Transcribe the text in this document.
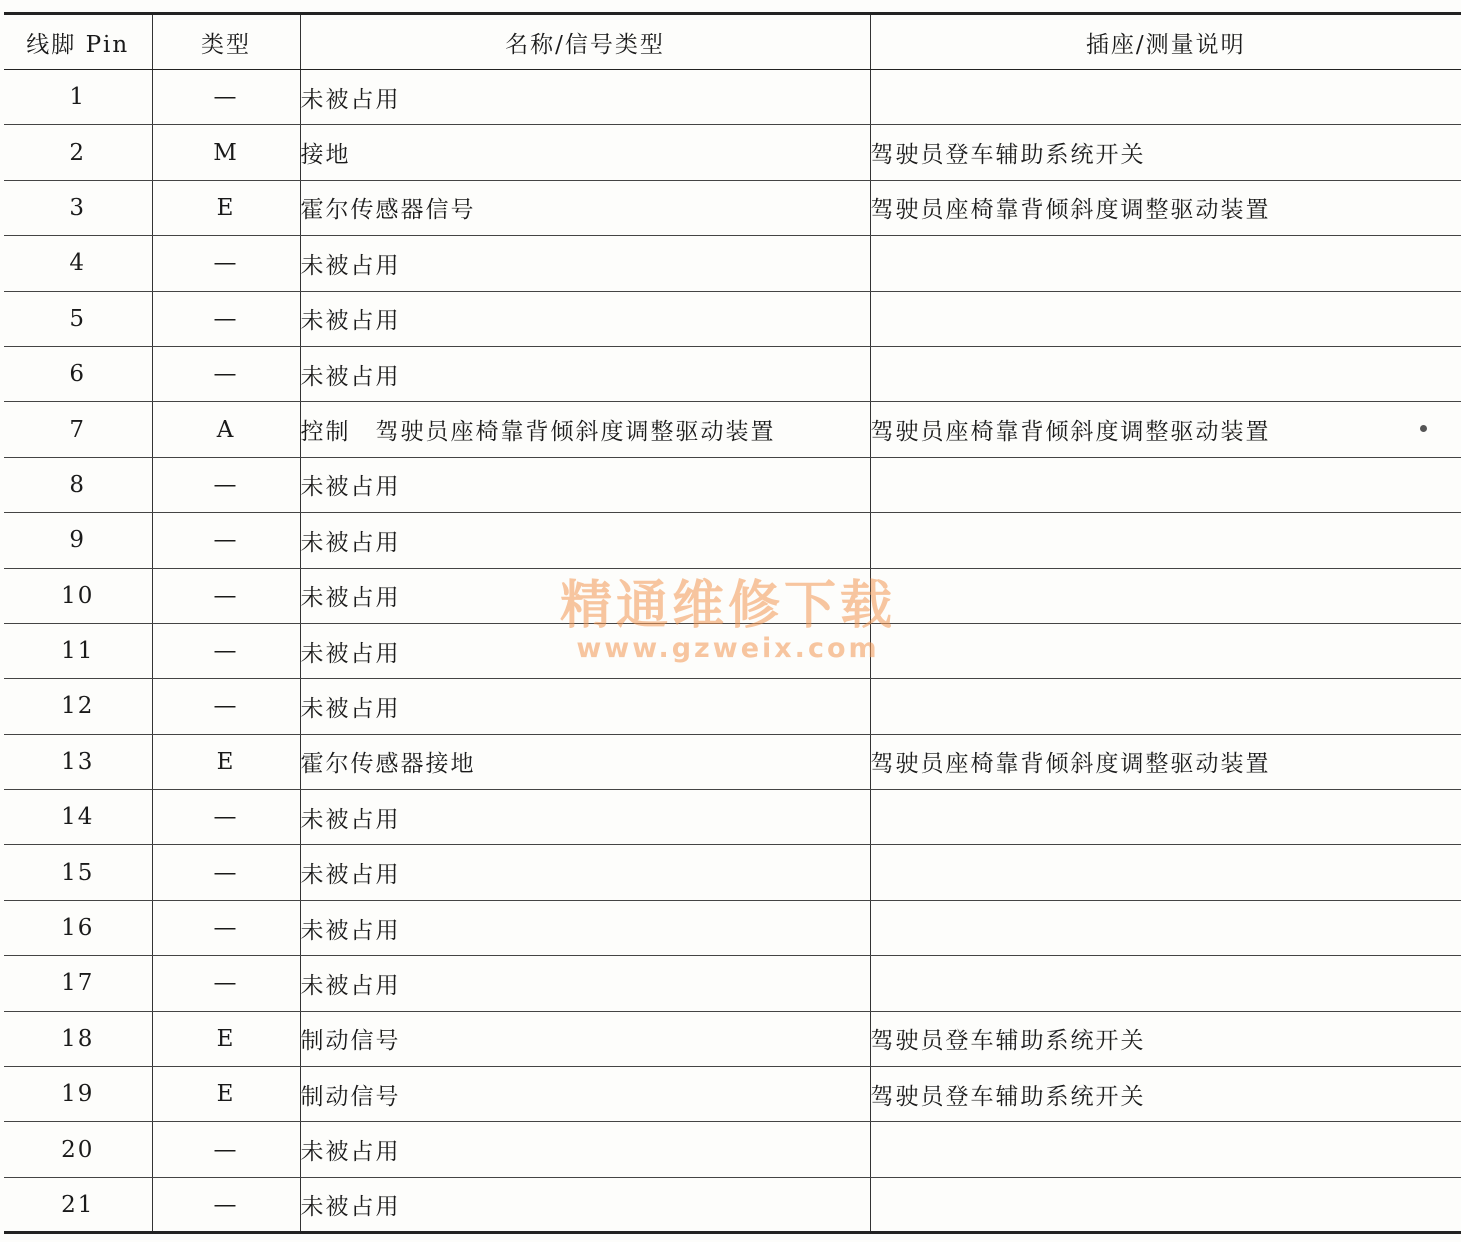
线脚 Pin	类型	名称/信号类型	插座/测量说明
1	—	未被占用	
2	M	接地	驾驶员登车辅助系统开关
3	E	霍尔传感器信号	驾驶员座椅靠背倾斜度调整驱动装置
4	—	未被占用	
5	—	未被占用	
6	—	未被占用	
7	A	控制　驾驶员座椅靠背倾斜度调整驱动装置	驾驶员座椅靠背倾斜度调整驱动装置
8	—	未被占用	
9	—	未被占用	
10	—	未被占用	
11	—	未被占用	
12	—	未被占用	
13	E	霍尔传感器接地	驾驶员座椅靠背倾斜度调整驱动装置
14	—	未被占用	
15	—	未被占用	
16	—	未被占用	
17	—	未被占用	
18	E	制动信号	驾驶员登车辅助系统开关
19	E	制动信号	驾驶员登车辅助系统开关
20	—	未被占用	
21	—	未被占用	
精通维修下载
www.gzweix.com
